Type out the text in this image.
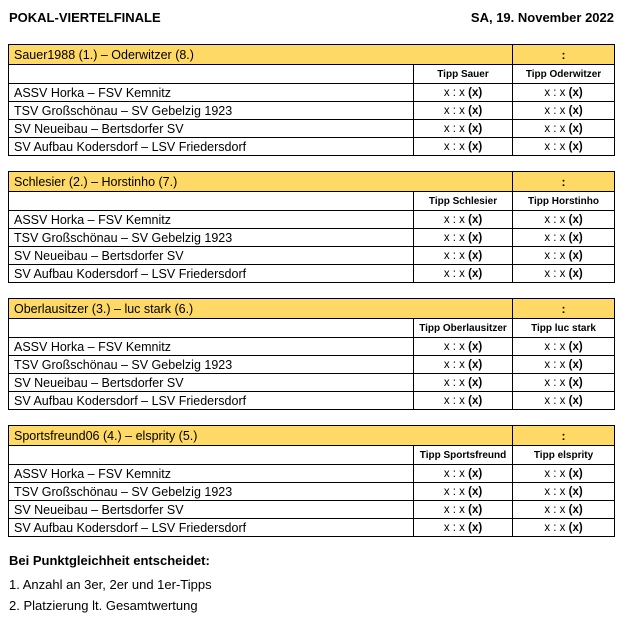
POKAL-VIERTELFINALE	SA, 19. November 2022
Sauer1988 (1.) – Oderwitzer (8.)		:
	Tipp Sauer	Tipp Oderwitzer
ASSV Horka – FSV Kemnitz	x : x (x)	x : x (x)
TSV Großschönau – SV Gebelzig 1923	x : x (x)	x : x (x)
SV Neueibau – Bertsdorfer SV	x : x (x)	x : x (x)
SV Aufbau Kodersdorf – LSV Friedersdorf	x : x (x)	x : x (x)
Schlesier (2.) – Horstinho (7.)		:
	Tipp Schlesier	Tipp Horstinho
ASSV Horka – FSV Kemnitz	x : x (x)	x : x (x)
TSV Großschönau – SV Gebelzig 1923	x : x (x)	x : x (x)
SV Neueibau – Bertsdorfer SV	x : x (x)	x : x (x)
SV Aufbau Kodersdorf – LSV Friedersdorf	x : x (x)	x : x (x)
Oberlausitzer (3.) – luc stark (6.)		:
	Tipp Oberlausitzer	Tipp luc stark
ASSV Horka – FSV Kemnitz	x : x (x)	x : x (x)
TSV Großschönau – SV Gebelzig 1923	x : x (x)	x : x (x)
SV Neueibau – Bertsdorfer SV	x : x (x)	x : x (x)
SV Aufbau Kodersdorf – LSV Friedersdorf	x : x (x)	x : x (x)
Sportsfreund06 (4.) – elsprity (5.)		:
	Tipp Sportsfreund	Tipp elsprity
ASSV Horka – FSV Kemnitz	x : x (x)	x : x (x)
TSV Großschönau – SV Gebelzig 1923	x : x (x)	x : x (x)
SV Neueibau – Bertsdorfer SV	x : x (x)	x : x (x)
SV Aufbau Kodersdorf – LSV Friedersdorf	x : x (x)	x : x (x)
Bei Punktgleichheit entscheidet:
1. Anzahl an 3er, 2er und 1er-Tipps
2. Platzierung lt. Gesamtwertung
